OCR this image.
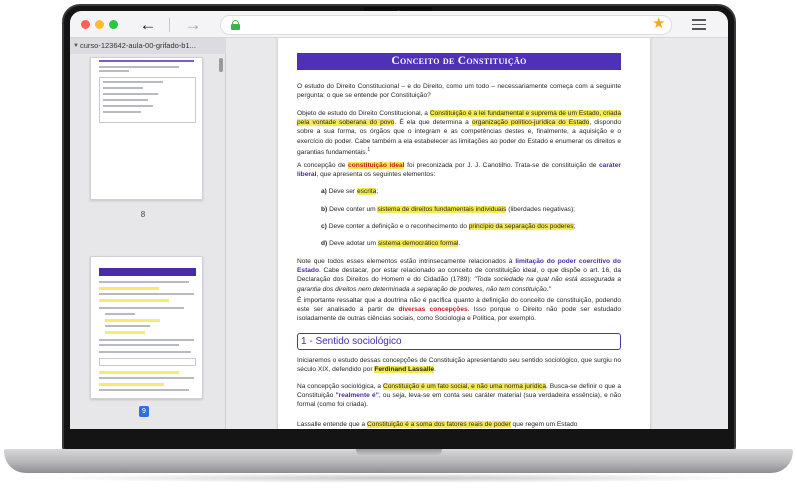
← →	★
▼ curso-123642-aula-00-grifado-b1...
8
9
Conceito de Constituição
O estudo do Direito Constitucional – e do Direito, como um todo – necessariamente começa com a seguinte pergunta: o que se entende por Constituição?
Objeto de estudo do Direito Constitucional, a Constituição é a lei fundamental e suprema de um Estado, criada pela vontade soberana do povo. É ela que determina a organização político-jurídica do Estado, dispondo sobre a sua forma, os órgãos que o integram e as competências destes e, finalmente, a aquisição e o exercício do poder. Cabe também a ela estabelecer as limitações ao poder do Estado e enumerar os direitos e garantias fundamentais.$^1$
A concepção de constituição ideal foi preconizada por J. J. Canotilho. Trata-se de constituição de caráter liberal, que apresenta os seguintes elementos:
a) Deve ser escrita;
b) Deve conter um sistema de direitos fundamentais individuais (liberdades negativas);
c) Deve conter a definição e o reconhecimento do princípio da separação dos poderes;
d) Deve adotar um sistema democrático formal.
Note que todos esses elementos estão intrinsecamente relacionados à limitação do poder coercitivo do Estado. Cabe destacar, por estar relacionado ao conceito de constituição ideal, o que dispõe o art. 16, da Declaração dos Direitos do Homem e do Cidadão (1789): "Toda sociedade na qual não está assegurada a garantia dos direitos nem determinada a separação de poderes, não tem constituição."
É importante ressaltar que a doutrina não é pacífica quanto à definição do conceito de constituição, podendo este ser analisado a partir de diversas concepções. Isso porque o Direito não pode ser estudado isoladamente de outras ciências sociais, como Sociologia e Política, por exemplo.
1 - Sentido sociológico
Iniciaremos o estudo dessas concepções de Constituição apresentando seu sentido sociológico, que surgiu no século XIX, defendido por Ferdinand Lassalle.
Na concepção sociológica, a Constituição é um fato social, e não uma norma jurídica. Busca-se definir o que a Constituição "realmente é", ou seja, leva-se em conta seu caráter material (sua verdadeira essência), e não formal (como foi criada).
Lassalle entende que a Constituição é a soma dos fatores reais de poder que regem um Estado
